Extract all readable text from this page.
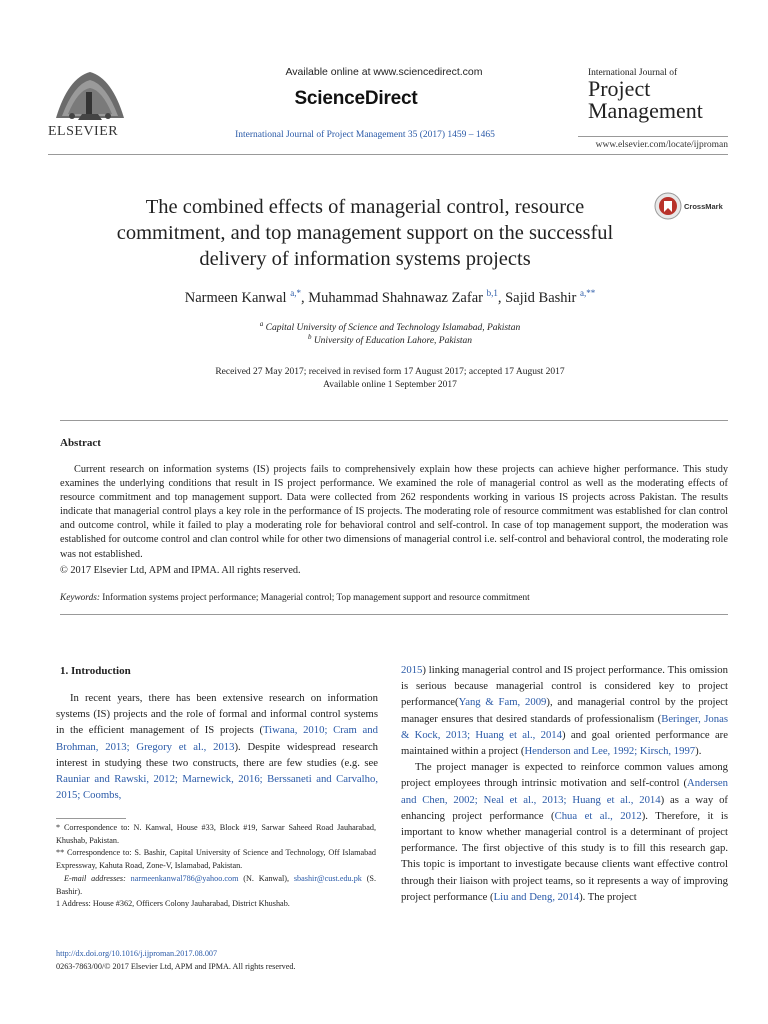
ELSEVIER
Available online at www.sciencedirect.com
ScienceDirect
International Journal of Project Management 35 (2017) 1459 – 1465
International Journal of
Project
Management
www.elsevier.com/locate/ijproman
The combined effects of managerial control, resource
commitment, and top management support on the successful
delivery of information systems projects
CrossMark
Narmeen Kanwal $^{a,*}$, Muhammad Shahnawaz Zafar $^{b,1}$, Sajid Bashir $^{a,**}$
$^a$ Capital University of Science and Technology Islamabad, Pakistan
$^b$ University of Education Lahore, Pakistan
Received 27 May 2017; received in revised form 17 August 2017; accepted 17 August 2017
Available online 1 September 2017
Abstract

Current research on information systems (IS) projects fails to comprehensively explain how these projects can achieve higher performance. This study examines the underlying conditions that result in IS project performance. We examined the role of managerial control as well as the moderating effects of resource commitment and top management support. Data were collected from 262 respondents working in various IS projects across Pakistan. The results indicate that managerial control plays a key role in the performance of IS projects. The moderating role of resource commitment was established for clan control and outcome control, while it failed to play a moderating role for behavioral control and self-control. In case of top management support, the moderation was established for outcome control and clan control while for other two dimensions of managerial control i.e. self-control and behavioral control, the moderating role was not established.

© 2017 Elsevier Ltd, APM and IPMA. All rights reserved.
Keywords: Information systems project performance; Managerial control; Top management support and resource commitment
1. Introduction

In recent years, there has been extensive research on information systems (IS) projects and the role of formal and informal control systems in the efficient management of IS projects (Tiwana, 2010; Cram and Brohman, 2013; Gregory et al., 2013). Despite widespread research interest in studying these two constructs, there are few studies (e.g. see Rauniar and Rawski, 2012; Marnewick, 2016; Berssaneti and Carvalho, 2015; Coombs,

2015) linking managerial control and IS project performance. This omission is serious because managerial control is considered key to project performance(Yang & Fam, 2009), and managerial control by the project manager ensures that desired standards of professionalism (Beringer, Jonas & Kock, 2013; Huang et al., 2014) and goal oriented performance are maintained within a project (Henderson and Lee, 1992; Kirsch, 1997).

The project manager is expected to reinforce common values among project employees through intrinsic motivation and self-control (Andersen and Chen, 2002; Neal et al., 2013; Huang et al., 2014) as a way of enhancing project performance (Chua et al., 2012). Therefore, it is important to know whether managerial control is a determinant of project performance. The first objective of this study is to fill this research gap. This topic is important to investigate because clients want effective control through their liaison with project teams, so it represents a way of improving project performance (Liu and Deng, 2014). The project

* Correspondence to: N. Kanwal, House #33, Block #19, Sarwar Saheed Road Jauharabad, Khushab, Pakistan.
** Correspondence to: S. Bashir, Capital University of Science and Technology, Off Islamabad Expressway, Kahuta Road, Zone-V, Islamabad, Pakistan.
E-mail addresses: narmeenkanwal786@yahoo.com (N. Kanwal), sbashir@cust.edu.pk (S. Bashir).
1 Address: House #362, Officers Colony Jauharabad, District Khushab.
http://dx.doi.org/10.1016/j.ijproman.2017.08.007
0263-7863/00/© 2017 Elsevier Ltd, APM and IPMA. All rights reserved.
